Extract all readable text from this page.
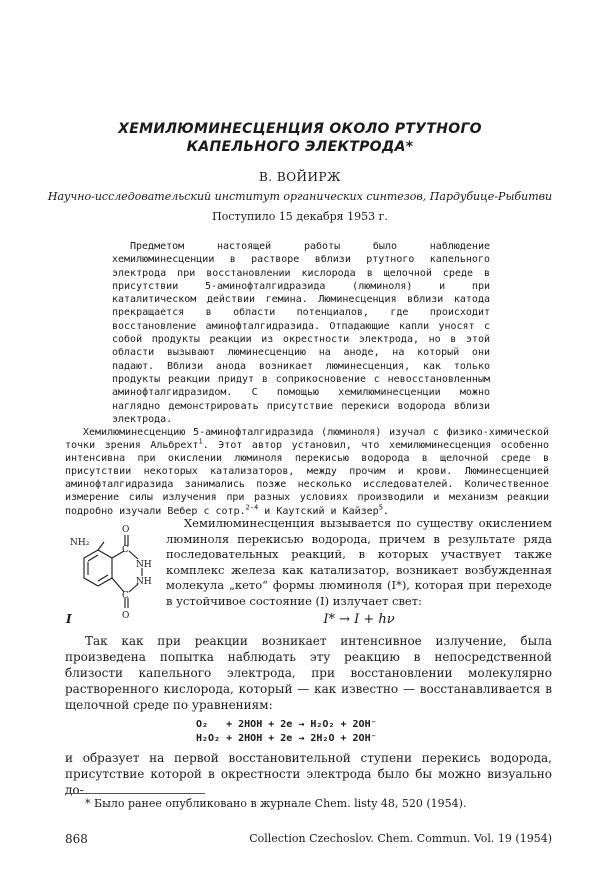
ХЕМИЛЮМИНЕСЦЕНЦИЯ ОКОЛО РТУТНОГО
КАПЕЛЬНОГО ЭЛЕКТРОДА*
В. ВОЙИРЖ
Научно-исследовательский институт органических синтезов, Пардубице-Рыбитви
Поступило 15 декабря 1953 г.

Предметом настоящей работы было наблюдение хемилюминесценции в растворе вблизи ртутного капельного электрода при восстановлении кислорода в щелочной среде в присутствии 5-аминофталгидразида (люминоля) и при каталитическом действии гемина. Люминесценция вблизи катода прекращается в области потенциалов, где происходит восстановление аминофталгидразида. Отпадающие капли уносят с собой продукты реакции из окрестности электрода, но в этой области вызывают люминесценцию на аноде, на который они падают. Вблизи анода возникает люминесценция, как только продукты реакции придут в соприкосновение с невосстановленным аминофталгидразидом. С помощью хемилюминесценции можно наглядно демонстрировать присутствие перекиси водорода вблизи электрода.

Хемилюминесценцию 5-аминофталгидразида (люминоля) изучал с физико-химической точки зрения Альбрехт$^1$. Этот автор установил, что хемилюминесценция особенно интенсивна при окислении люминоля перекисью водорода в щелочной среде в присутствии некоторых катализаторов, между прочим и крови. Люминесценцией аминофталгидразида занимались позже несколько исследователей. Количественное измерение силы излучения при разных условиях производили и механизм реакции подробно изучали Вебер с сотр.$^{2-4}$ и Каутский и Кайзер$^5$.

O
NH₂
C
NH
NH
C
O
I

Хемилюминесценция вызывается по существу окислением люминоля перекисью водорода, причем в результате ряда последовательных реакций, в которых участвует также комплекс железа как катализатор, возникает возбужденная молекула „кето“ формы люминоля (I*), которая при переходе в устойчивое состояние (I) излучает свет:

I* → I + hν

Так как при реакции возникает интенсивное излучение, была произведена попытка наблюдать эту реакцию в непосредственной близости капельного электрода, при восстановлении молекулярно растворенного кислорода, который — как известно — восстанавливается в щелочной среде по уравнениям:

O₂   + 2HOH + 2e → H₂O₂ + 2OH⁻
H₂O₂ + 2HOH + 2e → 2H₂O + 2OH⁻

и образует на первой восстановительной ступени перекись водорода, присутствие которой в окрестности электрода было бы можно визуально до-

* Было ранее опубликовано в журнале Chem. listy 48, 520 (1954).
868	Collection Czechoslov. Chem. Commun. Vol. 19 (1954)
